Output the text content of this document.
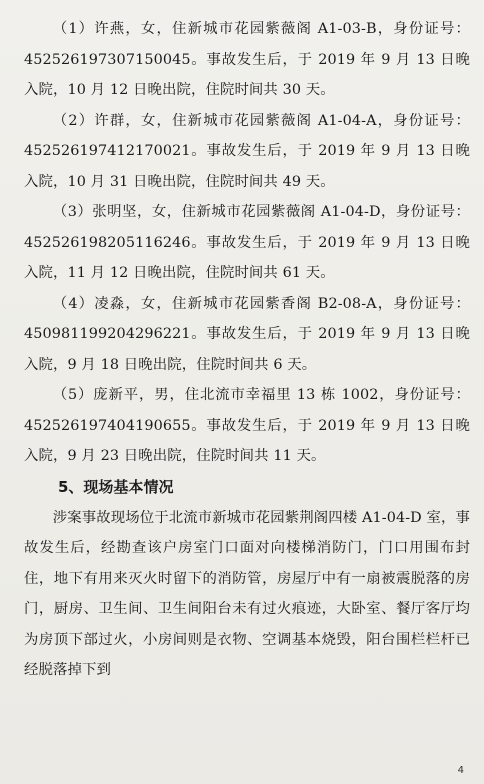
（1）许燕，女，住新城市花园紫薇阁 A1-03-B，身份证号：452526197307150045。事故发生后，于 2019 年 9 月 13 日晚入院，10 月 12 日晚出院，住院时间共 30 天。

（2）许群，女，住新城市花园紫薇阁 A1-04-A，身份证号：452526197412170021。事故发生后，于 2019 年 9 月 13 日晚入院，10 月 31 日晚出院，住院时间共 49 天。

（3）张明坚，女，住新城市花园紫薇阁 A1-04-D，身份证号：452526198205116246。事故发生后，于 2019 年 9 月 13 日晚入院，11 月 12 日晚出院，住院时间共 61 天。

（4）凌淼，女，住新城市花园紫香阁 B2-08-A，身份证号：450981199204296221。事故发生后，于 2019 年 9 月 13 日晚入院，9 月 18 日晚出院，住院时间共 6 天。

（5）庞新平，男，住北流市幸福里 13 栋 1002，身份证号：452526197404190655。事故发生后，于 2019 年 9 月 13 日晚入院，9 月 23 日晚出院，住院时间共 11 天。

5、现场基本情况

涉案事故现场位于北流市新城市花园紫荆阁四楼 A1-04-D 室，事故发生后，经勘查该户房室门口面对向楼梯消防门，门口用围布封住，地下有用来灭火时留下的消防管，房屋厅中有一扇被震脱落的房门，厨房、卫生间、卫生间阳台未有过火痕迹，大卧室、餐厅客厅均为房顶下部过火，小房间则是衣物、空调基本烧毁，阳台围栏栏杆已经脱落掉下到

4
